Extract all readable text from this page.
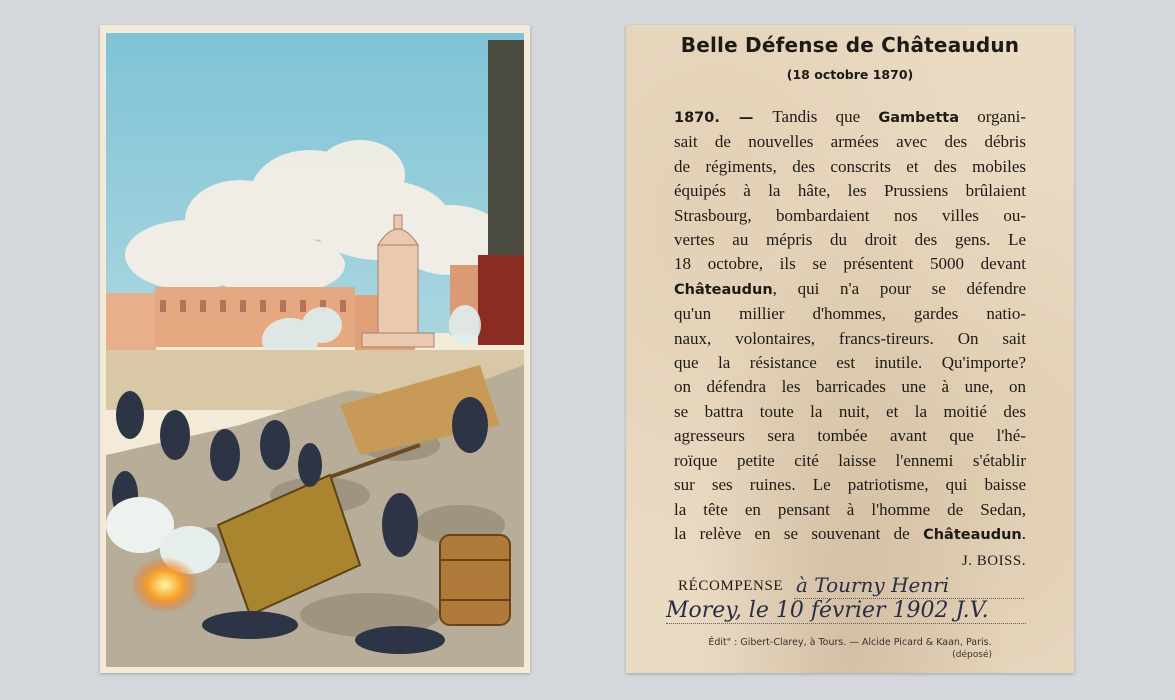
Belle Défense de Châteaudun
(18 octobre 1870)
1870. — Tandis que Gambetta organi-
sait de nouvelles armées avec des débris
de régiments, des conscrits et des mobiles
équipés à la hâte, les Prussiens brûlaient
Strasbourg, bombardaient nos villes ou-
vertes au mépris du droit des gens. Le
18 octobre, ils se présentent 5000 devant
Châteaudun, qui n'a pour se défendre
qu'un millier d'hommes, gardes natio-
naux, volontaires, francs-tireurs. On sait
que la résistance est inutile. Qu'importe?
on défendra les barricades une à une, on
se battra toute la nuit, et la moitié des
agresseurs sera tombée avant que l'hé-
roïque petite cité laisse l'ennemi s'établir
sur ses ruines. Le patriotisme, qui baisse
la tête en pensant à l'homme de Sedan,
la relève en se souvenant de Châteaudun.
J. BOISS.
RÉCOMPENSE à Tourny Henri
Morey, le 10 février 1902 J.V.
Édit" : Gibert-Clarey, à Tours. — Alcide Picard & Kaan, Paris.
(déposé)
